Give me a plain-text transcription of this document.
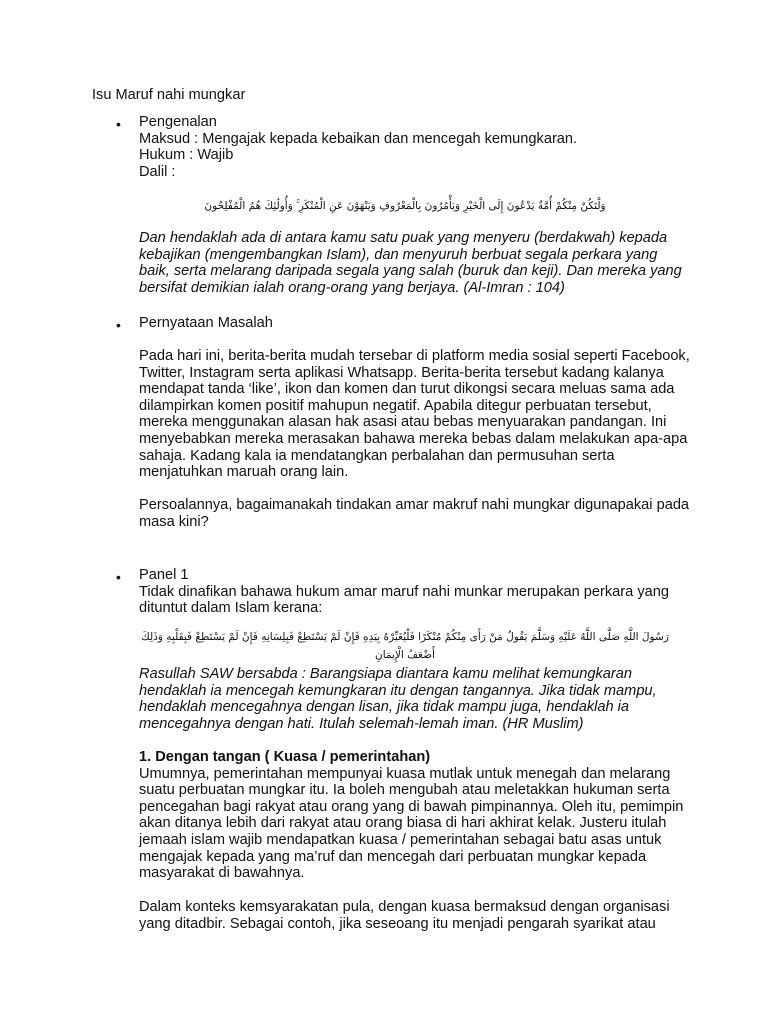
Isu Maruf nahi mungkar
• Pengenalan
Maksud : Mengajak kepada kebaikan dan mencegah kemungkaran.
Hukum : Wajib
Dalil :
وَلْتَكُنْ مِنْكُمْ أُمَّةٌ يَدْعُونَ إِلَى الْخَيْرِ وَيَأْمُرُونَ بِالْمَعْرُوفِ وَيَنْهَوْنَ عَنِ الْمُنْكَرِ ۚ وَأُولَٰئِكَ هُمُ الْمُفْلِحُونَ
Dan hendaklah ada di antara kamu satu puak yang menyeru (berdakwah) kepada
kebajikan (mengembangkan Islam), dan menyuruh berbuat segala perkara yang
baik, serta melarang daripada segala yang salah (buruk dan keji). Dan mereka yang
bersifat demikian ialah orang-orang yang berjaya. (Al-Imran : 104)
• Pernyataan Masalah
Pada hari ini, berita-berita mudah tersebar di platform media sosial seperti Facebook,
Twitter, Instagram serta aplikasi Whatsapp. Berita-berita tersebut kadang kalanya
mendapat tanda ‘like’, ikon dan komen dan turut dikongsi secara meluas sama ada
dilampirkan komen positif mahupun negatif. Apabila ditegur perbuatan tersebut,
mereka menggunakan alasan hak asasi atau bebas menyuarakan pandangan. Ini
menyebabkan mereka merasakan bahawa mereka bebas dalam melakukan apa-apa
sahaja. Kadang kala ia mendatangkan perbalahan dan permusuhan serta
menjatuhkan maruah orang lain.
Persoalannya, bagaimanakah tindakan amar makruf nahi mungkar digunapakai pada
masa kini?
• Panel 1
Tidak dinafikan bahawa hukum amar maruf nahi munkar merupakan perkara yang
dituntut dalam Islam kerana:
رَسُولَ اللَّهِ صَلَّى اللَّهُ عَلَيْهِ وَسَلَّمَ يَقُولُ مَنْ رَأَى مِنْكُمْ مُنْكَرًا فَلْيُغَيِّرْهُ بِيَدِهِ فَإِنْ لَمْ يَسْتَطِعْ فَبِلِسَانِهِ فَإِنْ لَمْ يَسْتَطِعْ فَبِقَلْبِهِ وَذَلِكَ
أَضْعَفُ الْإِيمَانِ
Rasullah SAW bersabda : Barangsiapa diantara kamu melihat kemungkaran
hendaklah ia mencegah kemungkaran itu dengan tangannya. Jika tidak mampu,
hendaklah mencegahnya dengan lisan, jika tidak mampu juga, hendaklah ia
mencegahnya dengan hati. Itulah selemah-lemah iman. (HR Muslim)
1. Dengan tangan ( Kuasa / pemerintahan)
Umumnya, pemerintahan mempunyai kuasa mutlak untuk menegah dan melarang
suatu perbuatan mungkar itu. Ia boleh mengubah atau meletakkan hukuman serta
pencegahan bagi rakyat atau orang yang di bawah pimpinannya. Oleh itu, pemimpin
akan ditanya lebih dari rakyat atau orang biasa di hari akhirat kelak. Justeru itulah
jemaah islam wajib mendapatkan kuasa / pemerintahan sebagai batu asas untuk
mengajak kepada yang ma’ruf dan mencegah dari perbuatan mungkar kepada
masyarakat di bawahnya.
Dalam konteks kemsyarakatan pula, dengan kuasa bermaksud dengan organisasi
yang ditadbir. Sebagai contoh, jika seseoang itu menjadi pengarah syarikat atau
